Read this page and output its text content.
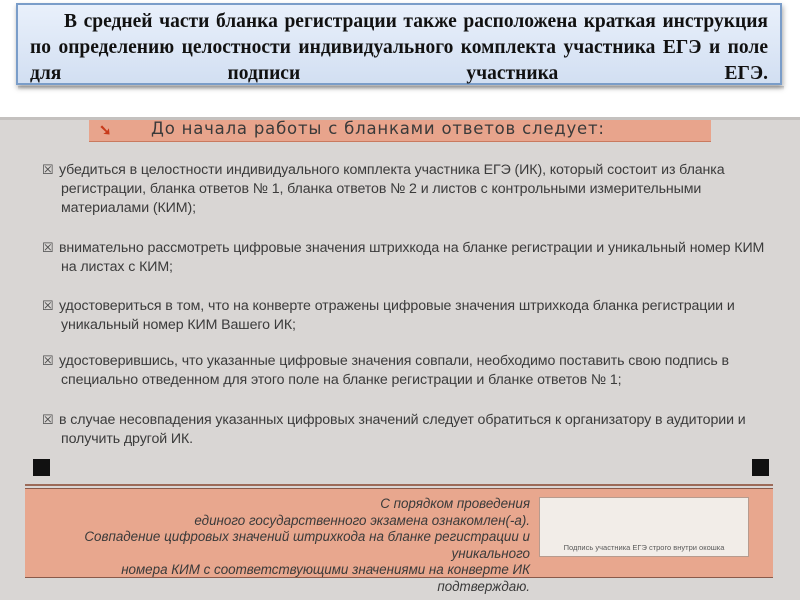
В средней части бланка регистрации также расположена краткая инструкция по определению целостности индивидуального комплекта участника ЕГЭ и поле для подписи участника ЕГЭ.
➘ До начала работы с бланками ответов следует:
☒ убедиться в целостности индивидуального комплекта участника ЕГЭ (ИК), который состоит из бланка
регистрации, бланка ответов № 1, бланка ответов № 2 и листов с контрольными измерительными
материалами (КИМ);
☒ внимательно рассмотреть цифровые значения штрихкода на бланке регистрации и уникальный номер КИМ
на листах с КИМ;
☒ удостовериться в том, что на конверте отражены цифровые значения штрихкода бланка регистрации и
уникальный номер КИМ Вашего ИК;
☒ удостоверившись, что указанные цифровые значения совпали, необходимо поставить свою подпись в
специально отведенном для этого поле на бланке регистрации и бланке ответов № 1;
☒ в случае несовпадения указанных цифровых значений следует обратиться к организатору в аудитории и
получить другой ИК.
С порядком проведения
единого государственного экзамена ознакомлен(-а).
Совпадение цифровых значений штрихкода на бланке регистрации и уникального
номера КИМ с соответствующими значениями на конверте ИК подтверждаю.
Подпись участника ЕГЭ строго внутри окошка
